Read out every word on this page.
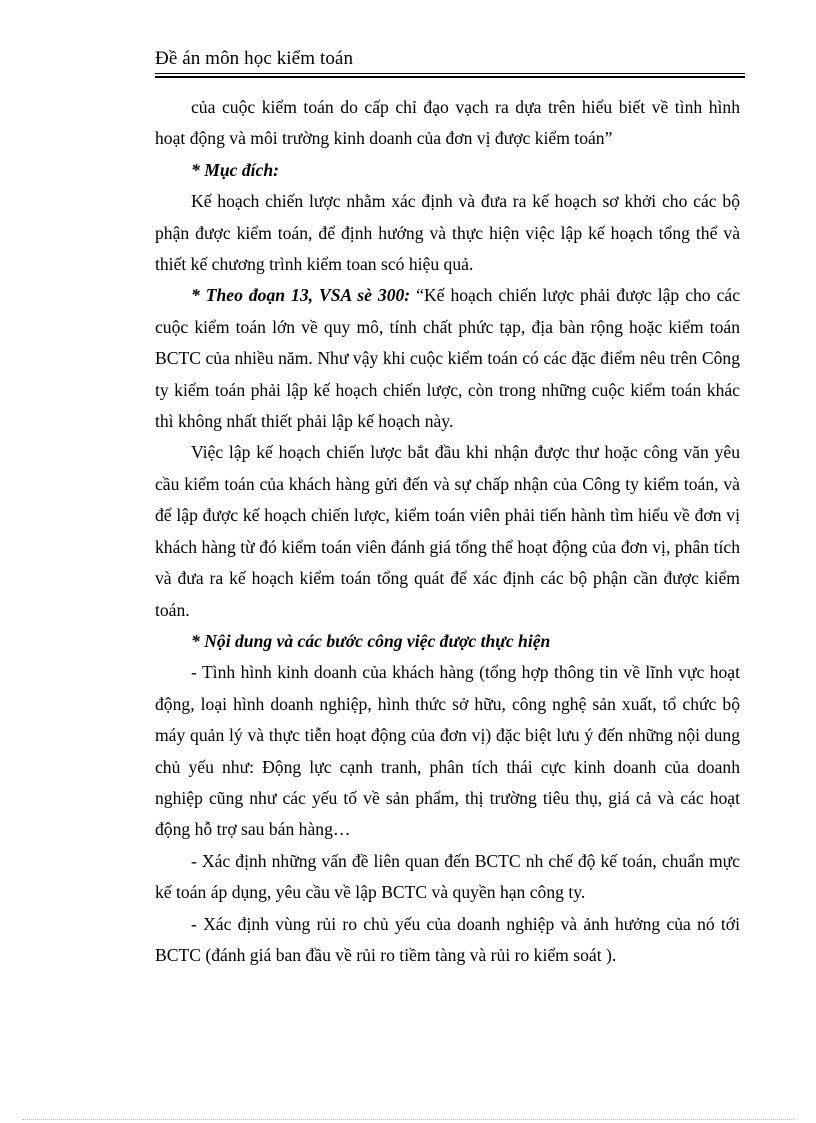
Đề án môn học kiểm toán

của cuộc kiểm toán do cấp chỉ đạo vạch ra dựa trên hiểu biết về tình hình hoạt động và môi trường kinh doanh của đơn vị được kiểm toán”

* Mục đích:

Kế hoạch chiến lược nhằm xác định và đưa ra kế hoạch sơ khởi cho các bộ phận được kiểm toán, để định hướng và thực hiện việc lập kế hoạch tổng thể và thiết kế chương trình kiểm toan scó hiệu quả.

* Theo đoạn 13, VSA sè 300: “Kế hoạch chiến lược phải được lập cho các cuộc kiểm toán lớn về quy mô, tính chất phức tạp, địa bàn rộng hoặc kiểm toán BCTC của nhiều năm. Như vậy khi cuộc kiểm toán có các đặc điểm nêu trên Công ty kiểm toán phải lập kế hoạch chiến lược, còn trong những cuộc kiểm toán khác thì không nhất thiết phải lập kế hoạch này.

Việc lập kế hoạch chiến lược bắt đầu khi nhận được thư hoặc công văn yêu cầu kiểm toán của khách hàng gửi đến và sự chấp nhận của Công ty kiểm toán, và để lập được kế hoạch chiến lược, kiểm toán viên phải tiến hành tìm hiểu về đơn vị khách hàng từ đó kiểm toán viên đánh giá tổng thể hoạt động của đơn vị, phân tích và đưa ra kế hoạch kiểm toán tổng quát để xác định các bộ phận cần được kiểm toán.

* Nội dung và các bước công việc được thực hiện

- Tình hình kinh doanh của khách hàng (tổng hợp thông tin về lĩnh vực hoạt động, loại hình doanh nghiệp, hình thức sở hữu, công nghệ sản xuất, tổ chức bộ máy quản lý và thực tiễn hoạt động của đơn vị) đặc biệt lưu ý đến những nội dung chủ yếu như: Động lực cạnh tranh, phân tích thái cực kinh doanh của doanh nghiệp cũng như các yếu tố về sản phẩm, thị trường tiêu thụ, giá cả và các hoạt động hỗ trợ sau bán hàng…

- Xác định những vấn đề liên quan đến BCTC nh chế độ kế toán, chuẩn mực kế toán áp dụng, yêu cầu về lập BCTC và quyền hạn công ty.

- Xác định vùng rủi ro chủ yếu của doanh nghiệp và ảnh hưởng của nó tới BCTC (đánh giá ban đầu về rủi ro tiềm tàng và rủi ro kiểm soát ).
